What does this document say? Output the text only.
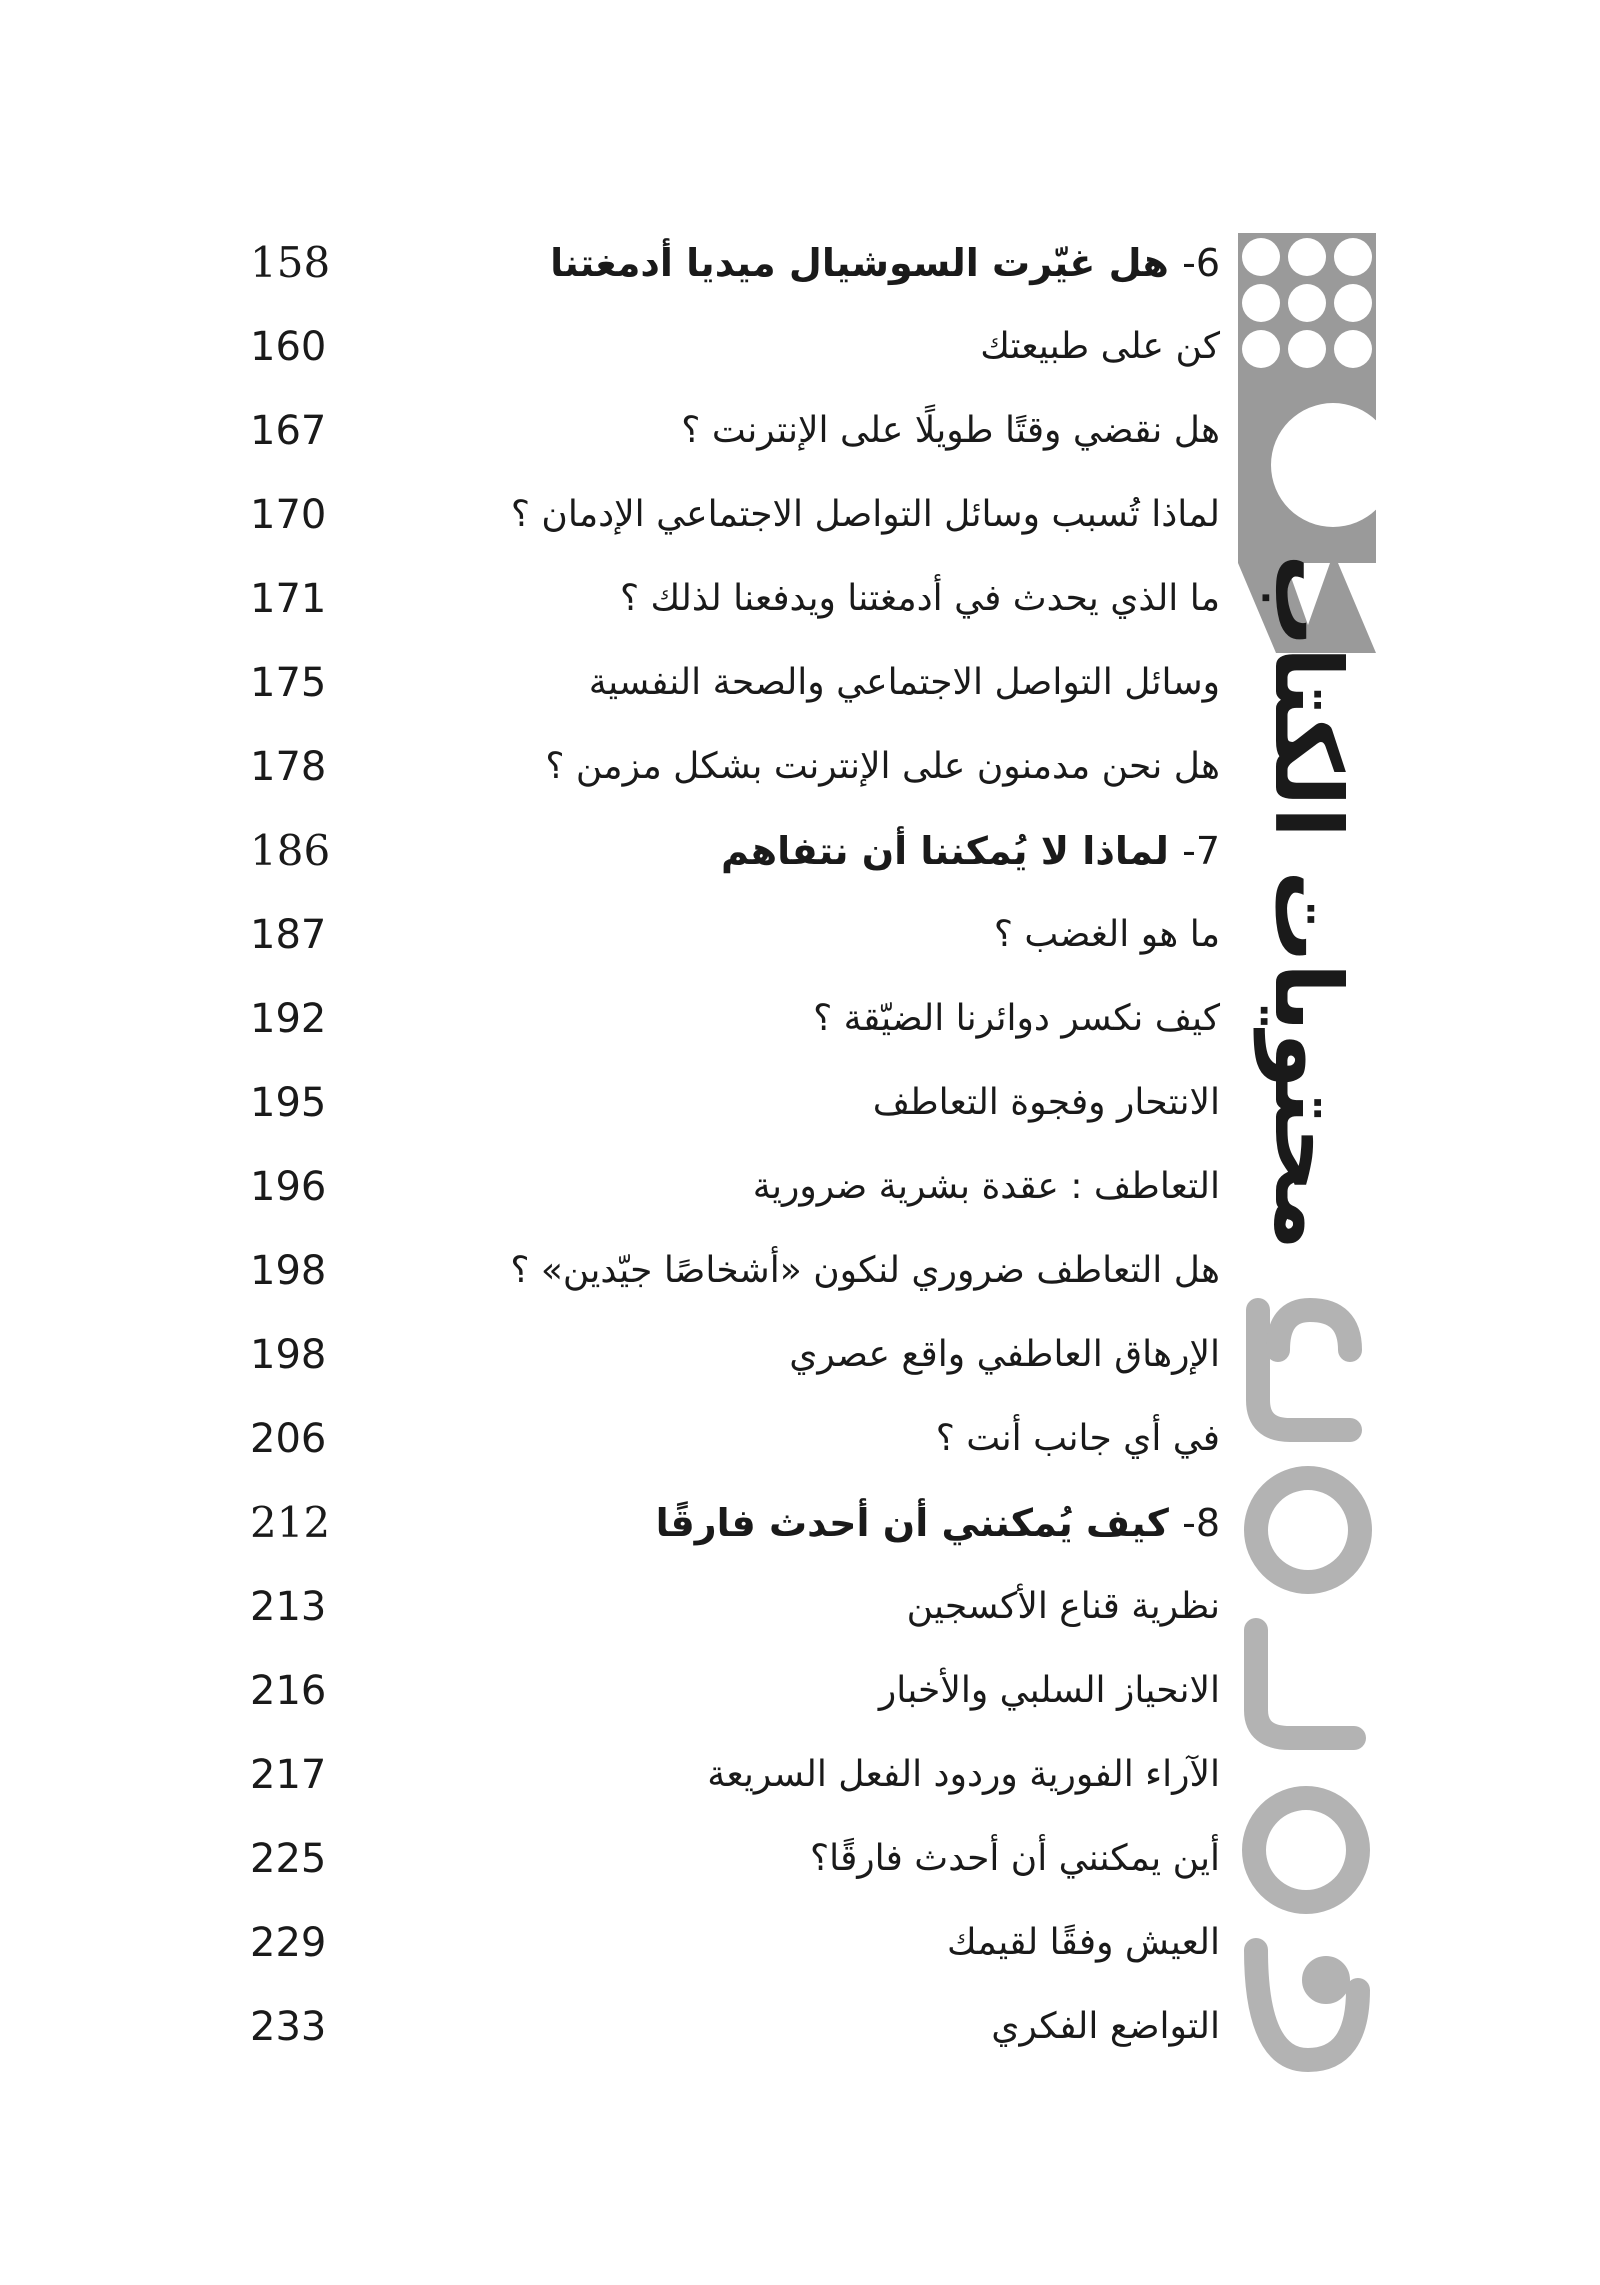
محتويات الكتاب
158	6- هل غيّرت السوشيال ميديا أدمغتنا
160	كن على طبيعتك
167	هل نقضي وقتًا طويلًا على الإنترنت ؟
170	لماذا تُسبب وسائل التواصل الاجتماعي الإدمان ؟
171	ما الذي يحدث في أدمغتنا ويدفعنا لذلك ؟
175	وسائل التواصل الاجتماعي والصحة النفسية
178	هل نحن مدمنون على الإنترنت بشكل مزمن ؟
186	7- لماذا لا يُمكننا أن نتفاهم
187	ما هو الغضب ؟
192	كيف نكسر دوائرنا الضيّقة ؟
195	الانتحار وفجوة التعاطف
196	التعاطف : عقدة بشرية ضرورية
198	هل التعاطف ضروري لنكون «أشخاصًا جيّدين» ؟
198	الإرهاق العاطفي واقع عصري
206	في أي جانب أنت ؟
212	8- كيف يُمكنني أن أحدث فارقًا
213	نظرية قناع الأكسجين
216	الانحياز السلبي والأخبار
217	الآراء الفورية وردود الفعل السريعة
225	أين يمكنني أن أحدث فارقًا؟
229	العيش وفقًا لقيمك
233	التواضع الفكري
